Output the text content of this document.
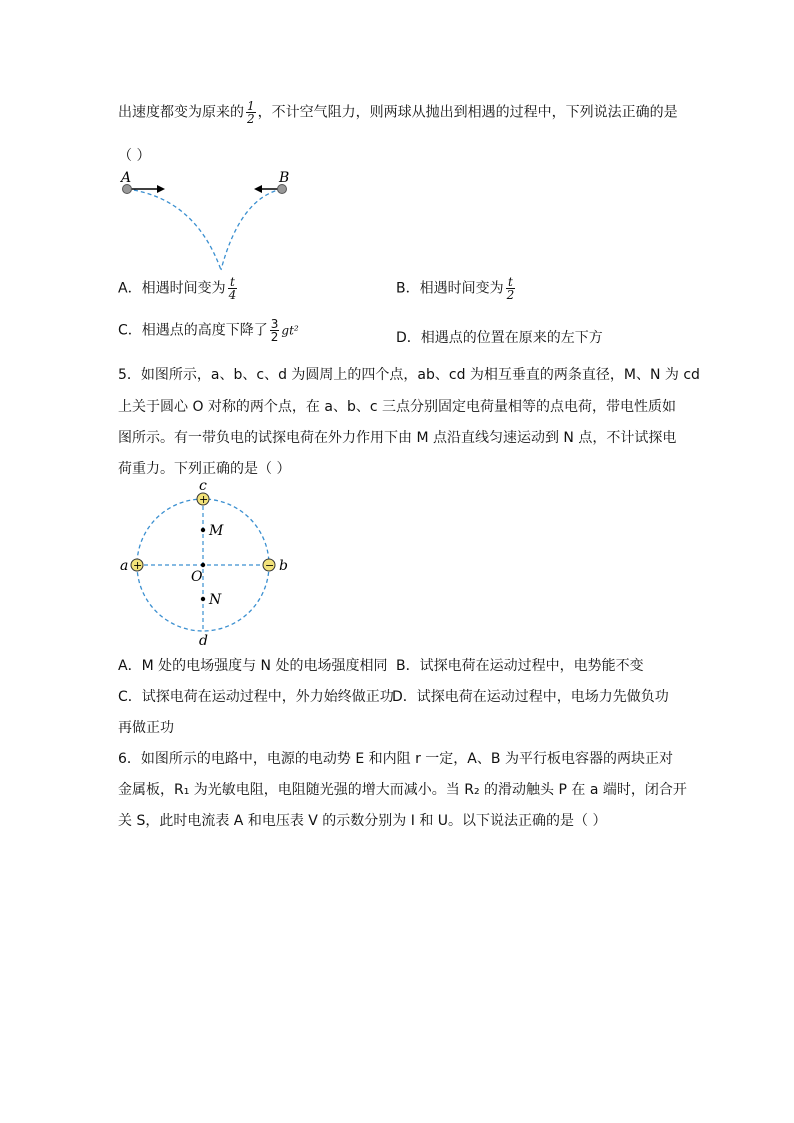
出速度都变为原来的 $\frac{1}{2}$ ，不计空气阻力，则两球从抛出到相遇的过程中，下列说法正确的是
（ ）
A	B
A．相遇时间变为 $\frac{t}{4}$	B．相遇时间变为 $\frac{t}{2}$
C．相遇点的高度下降了 $\frac{3}{2} gt^2$	D．相遇点的位置在原来的左下方
5．如图所示，a、b、c、d 为圆周上的四个点，ab、cd 为相互垂直的两条直径，M、N 为 cd
上关于圆心 O 对称的两个点，在 a、b、c 三点分别固定电荷量相等的点电荷，带电性质如
图所示。有一带负电的试探电荷在外力作用下由 M 点沿直线匀速运动到 N 点，不计试探电
荷重力。下列正确的是（ ）
+
+	−
c
a	b
d
O
M
N
A．M 处的电场强度与 N 处的电场强度相同 B．试探电荷在运动过程中，电势能不变
C．试探电荷在运动过程中，外力始终做正功
D．试探电荷在运动过程中，电场力先做负功
再做正功
6．如图所示的电路中，电源的电动势 E 和内阻 r 一定，A、B 为平行板电容器的两块正对
金属板，R₁ 为光敏电阻，电阻随光强的增大而减小。当 R₂ 的滑动触头 P 在 a 端时，闭合开
关 S，此时电流表 A 和电压表 V 的示数分别为 I 和 U。以下说法正确的是（ ）
